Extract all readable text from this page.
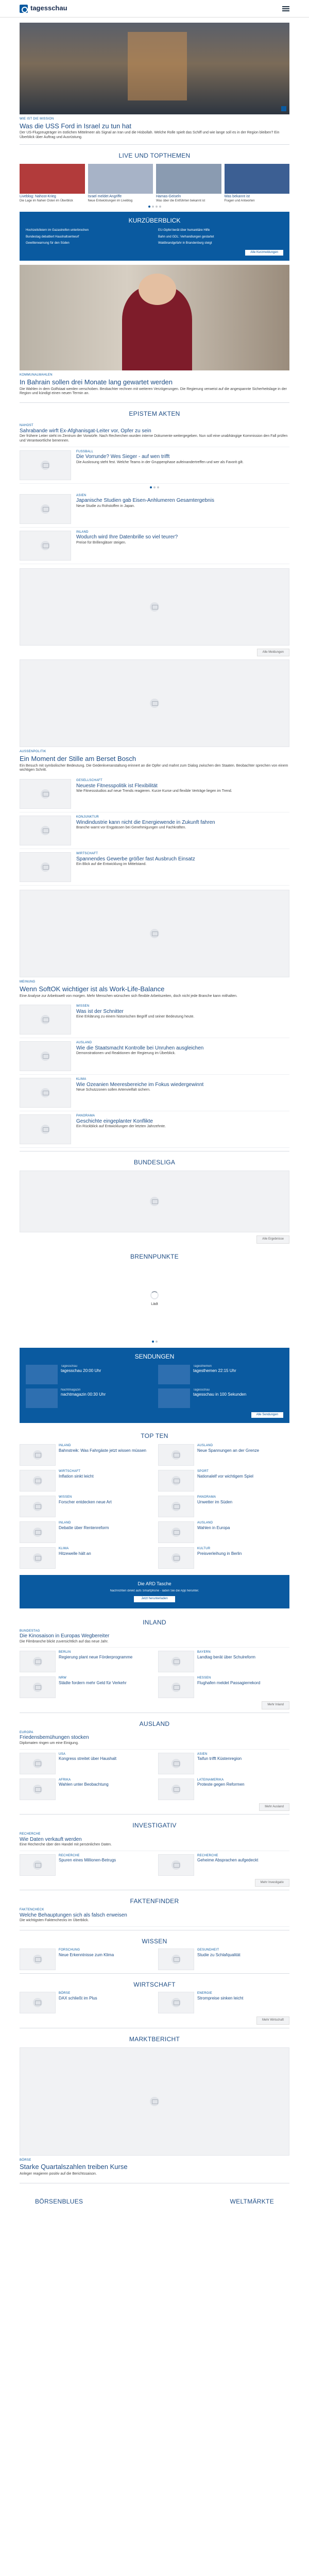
tagesschau
WIE IST DIE MISSION
Was die USS Ford in Israel zu tun hat
Der US-Flugzeugträger im östlichen Mittelmeer als Signal an Iran und die Hisbollah. Welche Rolle spielt das Schiff und wie lange soll es in der Region bleiben? Ein Überblick über Auftrag und Ausrüstung.
LIVE UND TOPTHEMEN
Liveblog: Nahost-Krieg
Die Lage im Nahen Osten im Überblick
Israel meldet Angriffe
Neue Entwicklungen im Liveblog
Hamas-Geiseln
Was über die Entführten bekannt ist
Was bekannt ist
Fragen und Antworten
KURZÜBERBLICK
Hochzeitsfeiern im Gazastreifen unterbrochen	EU-Gipfel berät über humanitäre Hilfe
Bundestag debattiert Haushaltsentwurf	Bahn und GDL: Verhandlungen gestartet
Gewitterwarnung für den Süden	Waldbrandgefahr in Brandenburg steigt
Alle Kurzmeldungen
KOMMUNALWAHLEN
In Bahrain sollen drei Monate lang gewartet werden
Die Wahlen in dem Golfstaat werden verschoben. Beobachter rechnen mit weiteren Verzögerungen. Die Regierung verweist auf die angespannte Sicherheitslage in der Region und kündigt einen neuen Termin an.
EPISTEM AKTEN
NAHOST
Sahrabande wirft Ex-Afghanisgat-Leiter vor, Opfer zu sein
Der frühere Leiter steht im Zentrum der Vorwürfe. Nach Recherchen wurden interne Dokumente weitergegeben. Nun soll eine unabhängige Kommission den Fall prüfen und Verantwortliche benennen.
FUSSBALL
Die Vorrunde? Wes Sieger - auf wen trifft
Die Auslosung steht fest. Welche Teams in der Gruppenphase aufeinandertreffen und wer als Favorit gilt.
ASIEN
Japanische Studien gab Eisen-Anhlumeren Gesamtergebnis
Neue Studie zu Rohstoffen in Japan.
INLAND
Wodurch wird Ihre Datenbrille so viel teurer?
Preise für Brillengläser steigen.
Alle Meldungen
AUSSENPOLITIK
Ein Moment der Stille am Berset Bosch
Ein Besuch mit symbolischer Bedeutung. Die Gedenkveranstaltung erinnert an die Opfer und mahnt zum Dialog zwischen den Staaten. Beobachter sprechen von einem wichtigen Schritt.
GESELLSCHAFT
Neueste Fitnesspolitik ist Flexibilität
Wie Fitnessstudios auf neue Trends reagieren. Kurze Kurse und flexible Verträge liegen im Trend.
KONJUNKTUR
Windindustrie kann nicht die Energiewende in Zukunft fahren
Branche warnt vor Engpässen bei Genehmigungen und Fachkräften.
WIRTSCHAFT
Spannendes Gewerbe größer fast Ausbruch Einsatz
Ein Blick auf die Entwicklung im Mittelstand.
MEINUNG
Wenn SoftOK wichtiger ist als Work-Life-Balance
Eine Analyse zur Arbeitswelt von morgen. Mehr Menschen wünschen sich flexible Arbeitszeiten, doch nicht jede Branche kann mithalten.
WISSEN
Was ist der Schnitter
Eine Erklärung zu einem historischen Begriff und seiner Bedeutung heute.
AUSLAND
Wie die Staatsmacht Kontrolle bei Unruhen ausgleichen
Demonstrationen und Reaktionen der Regierung im Überblick.
KLIMA
Wie Ozeanien Meeresbereiche im Fokus wiedergewinnt
Neue Schutzzonen sollen Artenvielfalt sichern.
PANORAMA
Geschichte eingeplanter Konflikte
Ein Rückblick auf Entwicklungen der letzten Jahrzehnte.
BUNDESLIGA
Alle Ergebnisse
BRENNPUNKTE
Lädt
SENDUNGEN
Tagesschau
tagesschau 20:00 Uhr
Tagesthemen
tagesthemen 22:15 Uhr
Nachtmagazin
nachtmagazin 00:30 Uhr
Tagesschau
tagesschau in 100 Sekunden
Alle Sendungen
TOP TEN
INLAND
Bahnstreik: Was Fahrgäste jetzt wissen müssen
AUSLAND
Neue Spannungen an der Grenze
WIRTSCHAFT
Inflation sinkt leicht
SPORT
Nationalelf vor wichtigem Spiel
WISSEN
Forscher entdecken neue Art
PANORAMA
Unwetter im Süden
INLAND
Debatte über Rentenreform
AUSLAND
Wahlen in Europa
KLIMA
Hitzewelle hält an
KULTUR
Preisverleihung in Berlin
Die ARD Tasche
Nachrichten direkt aufs Smartphone - laden Sie die App herunter.
Jetzt herunterladen
INLAND
BUNDESTAG
Die Kinosaison in Europas Wegbereiter
Die Filmbranche blickt zuversichtlich auf das neue Jahr.
BERLIN
Regierung plant neue Förderprogramme
BAYERN
Landtag berät über Schulreform
NRW
Städte fordern mehr Geld für Verkehr
HESSEN
Flughafen meldet Passagierrekord
Mehr Inland
AUSLAND
EUROPA
Friedensbemühungen stocken
Diplomaten ringen um eine Einigung.
USA
Kongress streitet über Haushalt
ASIEN
Taifun trifft Küstenregion
AFRIKA
Wahlen unter Beobachtung
LATEINAMERIKA
Proteste gegen Reformen
Mehr Ausland
INVESTIGATIV
RECHERCHE
Wie Daten verkauft werden
Eine Recherche über den Handel mit persönlichen Daten.
RECHERCHE
Spuren eines Millionen-Betrugs
RECHERCHE
Geheime Absprachen aufgedeckt
Mehr Investigativ
FAKTENFINDER
FAKTENCHECK
Welche Behauptungen sich als falsch erweisen
Die wichtigsten Faktenchecks im Überblick.
WISSEN
FORSCHUNG
Neue Erkenntnisse zum Klima
GESUNDHEIT
Studie zu Schlafqualität
WIRTSCHAFT
BÖRSE
DAX schließt im Plus
ENERGIE
Strompreise sinken leicht
Mehr Wirtschaft
MARKTBERICHT
BÖRSE
Starke Quartalszahlen treiben Kurse
Anleger reagieren positiv auf die Berichtssaison.
BÖRSENBLUES	WELTMÄRKTE
